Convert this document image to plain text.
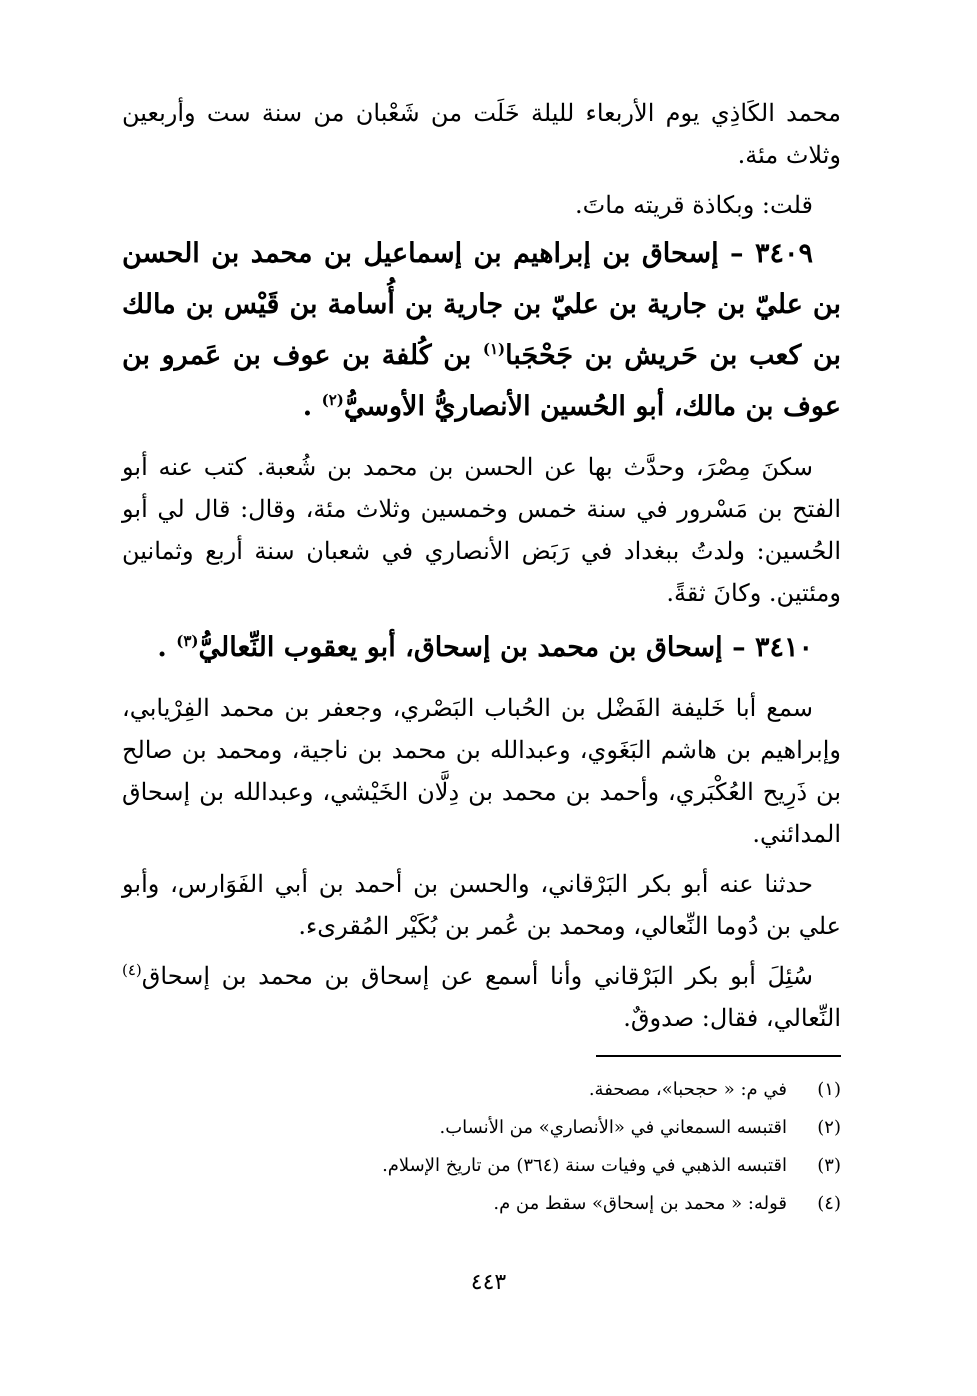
محمد الكَاذِي يوم الأربعاء لليلة خَلَت من شَعْبان من سنة ست وأربعين وثلاث مئة.

قلت: وبكاذة قريته ماتَ.

٣٤٠٩ – إسحاق بن إبراهيم بن إسماعيل بن محمد بن الحسن بن عليّ بن جارية بن عليّ بن جارية بن أُسامة بن قَيْس بن مالك بن كعب بن حَريش بن جَحْجَبا$^{(١)}$ بن كُلفة بن عوف بن عَمرو بن عوف بن مالك، أبو الحُسين الأنصاريُّ الأوسيُّ$^{(٢)}$ .

سكنَ مِصْرَ، وحدَّث بها عن الحسن بن محمد بن شُعبة. كتب عنه أبو الفتح بن مَسْرور في سنة خمس وخمسين وثلاث مئة، وقال: قال لي أبو الحُسين: ولدتُ ببغداد في رَبَض الأنصاري في شعبان سنة أربع وثمانين ومئتين. وكانَ ثقةً.

٣٤١٠ – إسحاق بن محمد بن إسحاق، أبو يعقوب النِّعاليُّ$^{(٣)}$ .

سمع أبا خَليفة الفَضْل بن الحُباب البَصْري، وجعفر بن محمد الفِرْيابي، وإبراهيم بن هاشم البَغَوي، وعبدالله بن محمد بن ناجية، ومحمد بن صالح بن ذَرِيح العُكْبَري، وأحمد بن محمد بن دِلَّان الخَيْشي، وعبدالله بن إسحاق المدائني.

حدثنا عنه أبو بكر البَرْقاني، والحسن بن أحمد بن أبي الفَوَارس، وأبو علي بن دُوما النِّعالي، ومحمد بن عُمر بن بُكَيْر المُقرىء.

سُئِلَ أبو بكر البَرْقاني وأنا أسمع عن إسحاق بن محمد بن إسحاق$^{(٤)}$ النِّعالي، فقال: صدوقٌ.

(١)في م: « حجحبا»، مصحفة.

(٢)اقتبسه السمعاني في «الأنصاري» من الأنساب.

(٣)اقتبسه الذهبي في وفيات سنة (٣٦٤) من تاريخ الإسلام.

(٤)قوله: « محمد بن إسحاق» سقط من م.

٤٤٣
